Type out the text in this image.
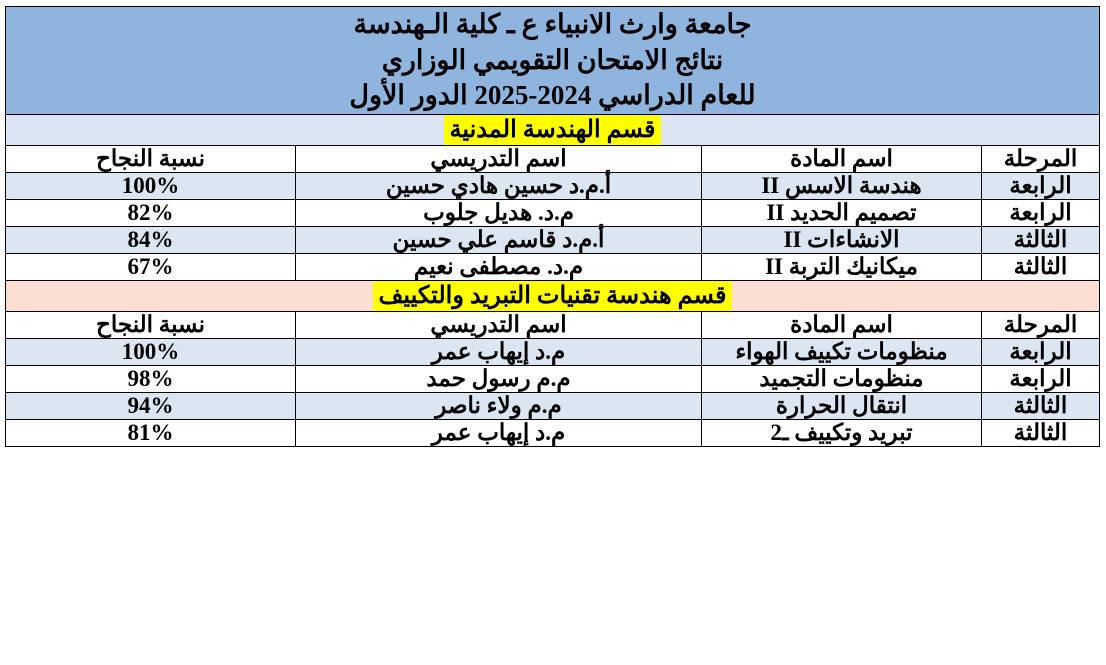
جامعة وارث الانبياء ع ـ كلية الـهندسة
نتائج الامتحان التقويمي الوزاري
للعام الدراسي 2024-2025 الدور الأول			

قسم الهندسة المدنية			
المرحلة	اسم المادة	اسم التدريسي	نسبة النجاح
الرابعة	هندسة الاسس II	أ.م.د حسين هادي حسين	100%
الرابعة	تصميم الحديد II	م.د. هديل جلوب	82%
الثالثة	الانشاءات II	أ.م.د قاسم علي حسين	84%
الثالثة	ميكانيك التربة II	م.د. مصطفى نعيم	67%
قسم هندسة تقنيات التبريد والتكييف			
المرحلة	اسم المادة	اسم التدريسي	نسبة النجاح
الرابعة	منظومات تكييف الهواء	م.د إيهاب عمر	100%
الرابعة	منظومات التجميد	م.م رسول حمد	98%
الثالثة	انتقال الحرارة	م.م ولاء ناصر	94%
الثالثة	تبريد وتكييف ـ2	م.د إيهاب عمر	81%
